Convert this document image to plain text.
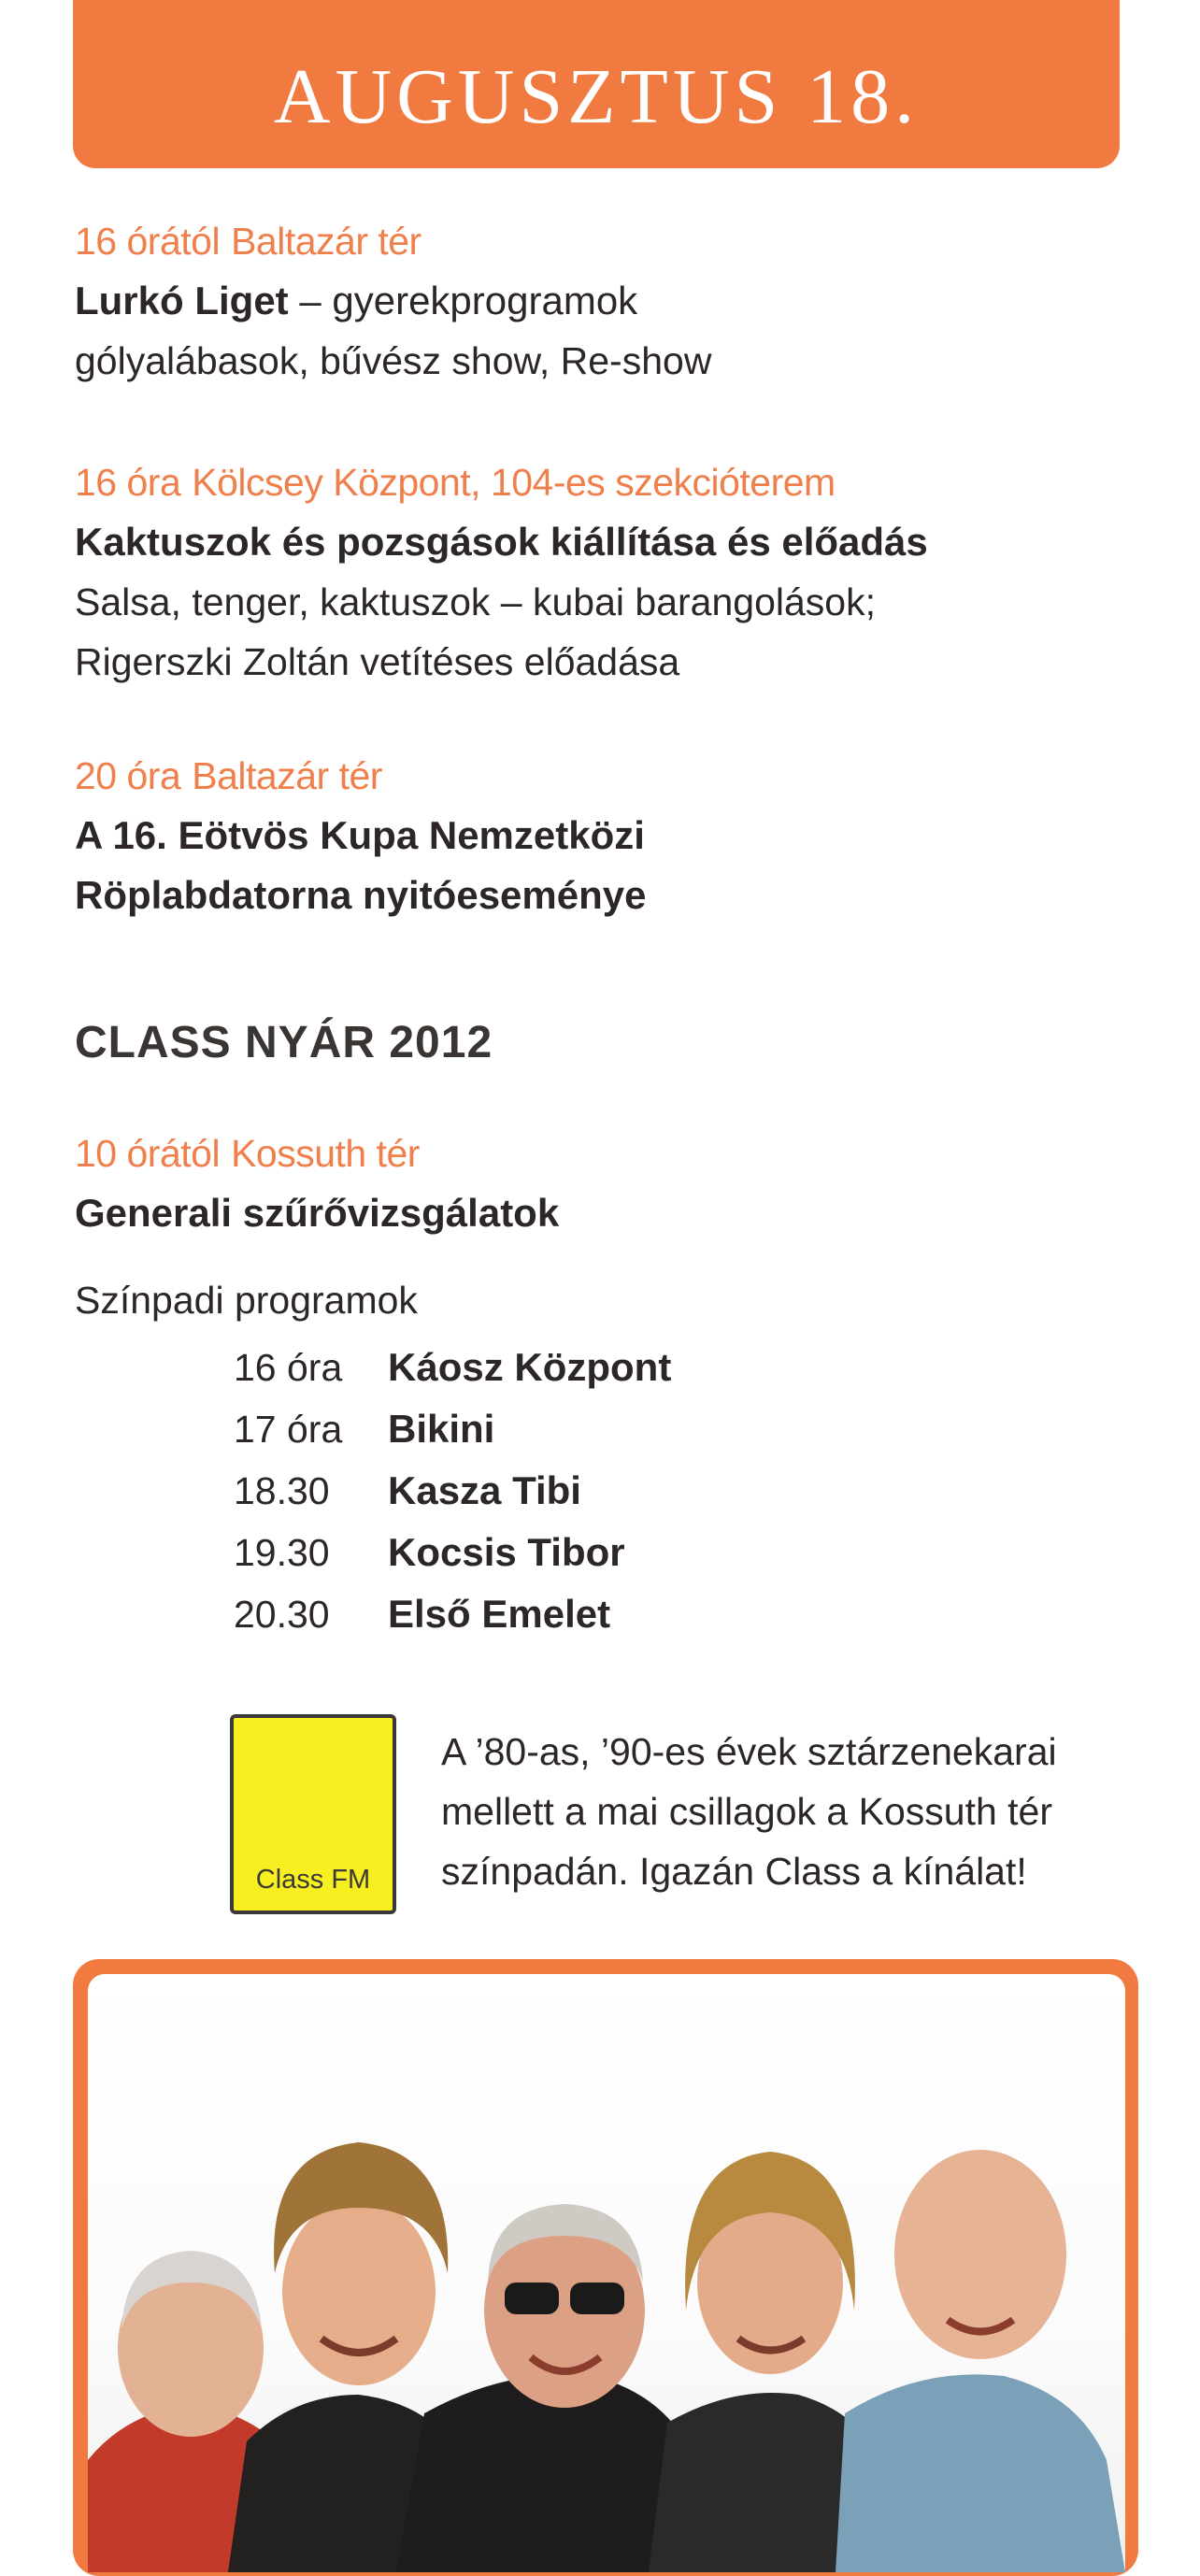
AUGUSZTUS 18.
16 órától Baltazár tér
Lurkó Liget – gyerekprogramok
gólyalábasok, bűvész show, Re-show
16 óra Kölcsey Központ, 104-es szekcióterem
Kaktuszok és pozsgások kiállítása és előadás
Salsa, tenger, kaktuszok – kubai barangolások;
Rigerszki Zoltán vetítéses előadása
20 óra Baltazár tér
A 16. Eötvös Kupa Nemzetközi
Röplabdatorna nyitóeseménye
CLASS NYÁR 2012
10 órától Kossuth tér
Generali szűrővizsgálatok
Színpadi programok
16 óra	Káosz Központ
17 óra	Bikini
18.30	Kasza Tibi
19.30	Kocsis Tibor
20.30	Első Emelet
Class FM
A ’80-as, ’90-es évek sztárzenekarai
mellett a mai csillagok a Kossuth tér
színpadán. Igazán Class a kínálat!
